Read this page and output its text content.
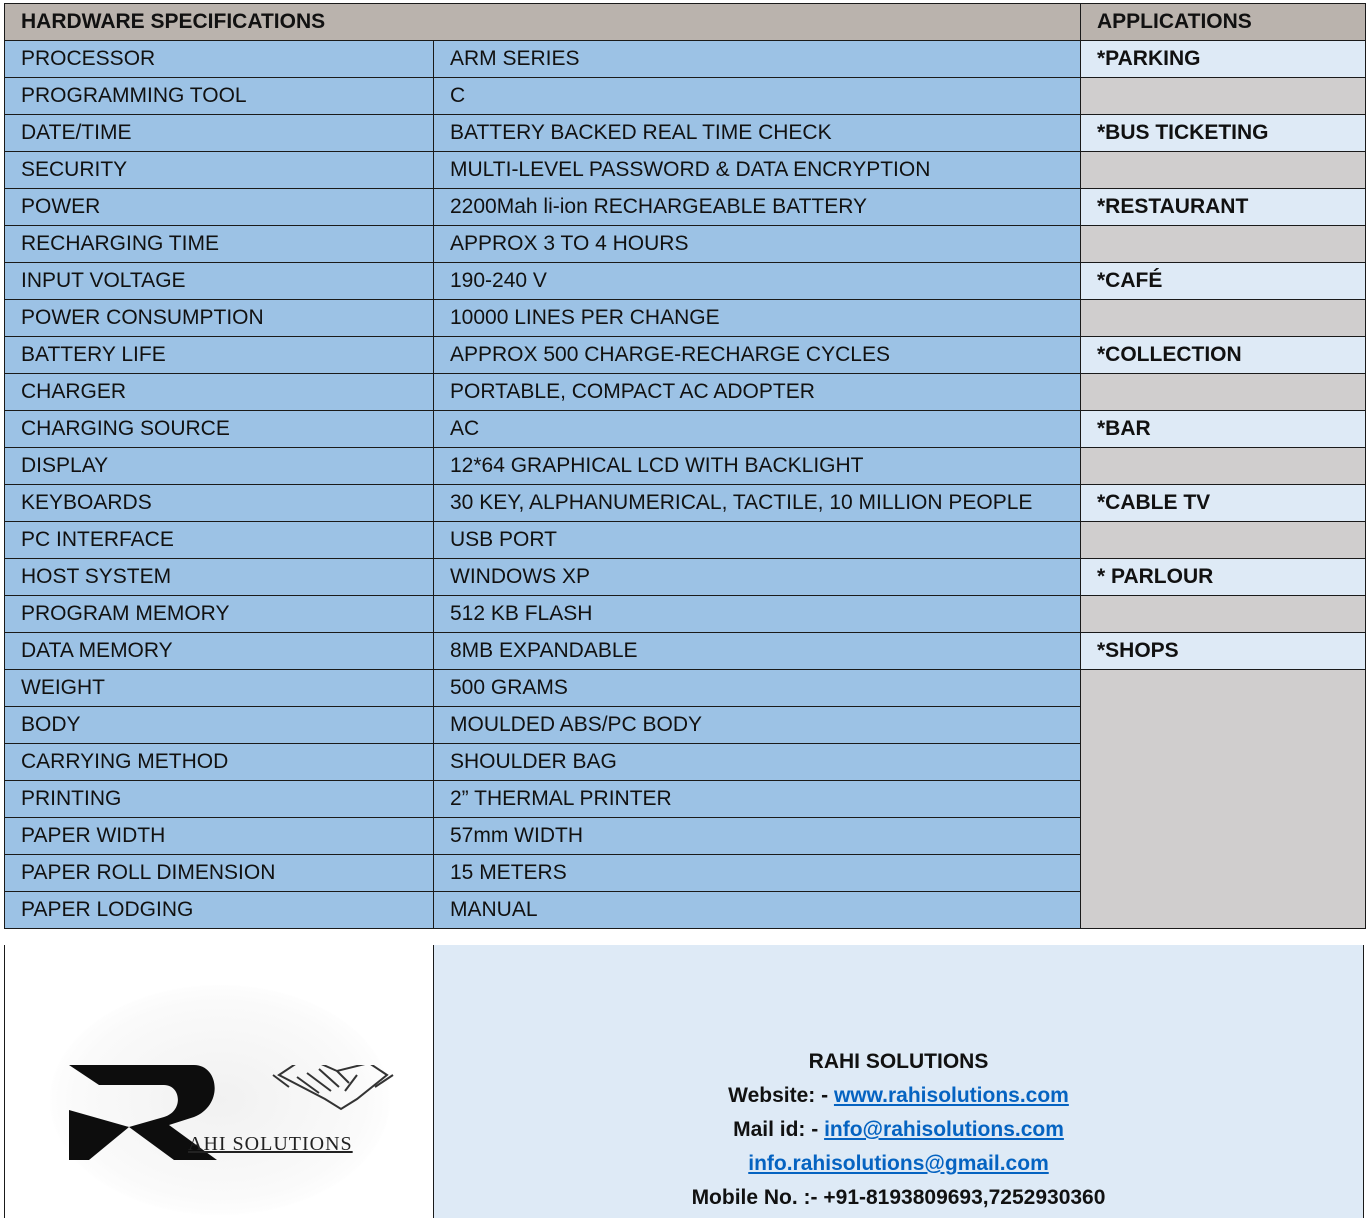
HARDWARE SPECIFICATIONS		APPLICATIONS
PROCESSOR	ARM SERIES	*PARKING
PROGRAMMING TOOL	C	
DATE/TIME	BATTERY BACKED REAL TIME CHECK	*BUS TICKETING
SECURITY	MULTI-LEVEL PASSWORD & DATA ENCRYPTION	
POWER	2200Mah li-ion RECHARGEABLE BATTERY	*RESTAURANT
RECHARGING TIME	APPROX 3 TO 4 HOURS	
INPUT VOLTAGE	190-240 V	*CAFÉ
POWER CONSUMPTION	10000 LINES PER CHANGE	
BATTERY LIFE	APPROX 500 CHARGE-RECHARGE CYCLES	*COLLECTION
CHARGER	PORTABLE, COMPACT AC ADOPTER	
CHARGING SOURCE	AC	*BAR
DISPLAY	12*64 GRAPHICAL LCD WITH BACKLIGHT	
KEYBOARDS	30 KEY, ALPHANUMERICAL, TACTILE, 10 MILLION PEOPLE	*CABLE TV
PC INTERFACE	USB PORT	
HOST SYSTEM	WINDOWS XP	* PARLOUR
PROGRAM MEMORY	512 KB FLASH	
DATA MEMORY	8MB EXPANDABLE	*SHOPS
WEIGHT	500 GRAMS	
BODY	MOULDED ABS/PC BODY	
CARRYING METHOD	SHOULDER BAG	
PRINTING	2” THERMAL PRINTER	
PAPER WIDTH	57mm WIDTH	
PAPER ROLL DIMENSION	15 METERS	
PAPER LODGING	MANUAL	
AHI SOLUTIONS
RAHI SOLUTIONS
Website: - www.rahisolutions.com
Mail id: - info@rahisolutions.com
info.rahisolutions@gmail.com
Mobile No. :- +91-8193809693,7252930360
